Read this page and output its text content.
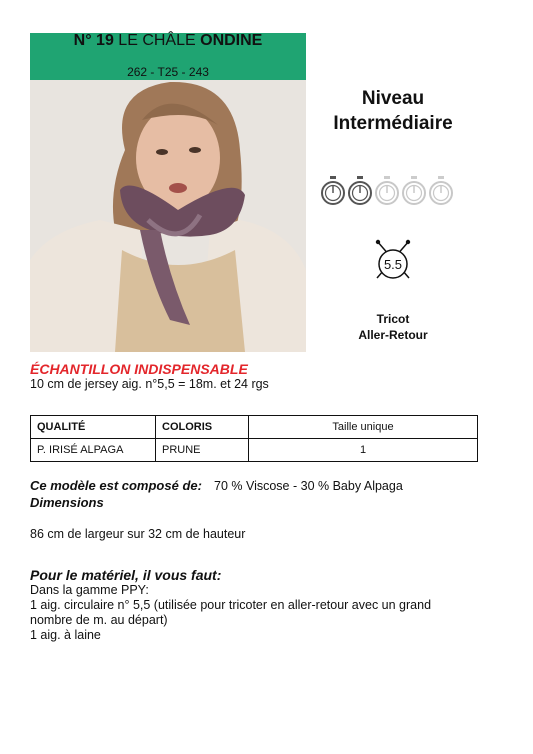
N° 19 LE CHÂLE ONDINE
262 - T25 - 243
Niveau
Intermédiaire
5.5
Tricot
Aller-Retour
ÉCHANTILLON INDISPENSABLE
10 cm de jersey aig. n°5,5 = 18m. et 24 rgs
QUALITÉ	COLORIS	Taille unique
P. IRISÉ ALPAGA	PRUNE	1
Ce modèle est composé de: 70 % Viscose - 30 % Baby Alpaga
Dimensions
86 cm de largeur sur 32 cm de hauteur
Pour le matériel, il vous faut:
Dans la gamme PPY:
1 aig. circulaire n° 5,5 (utilisée pour tricoter en aller-retour avec un grand
nombre de m. au départ)
1 aig. à laine
